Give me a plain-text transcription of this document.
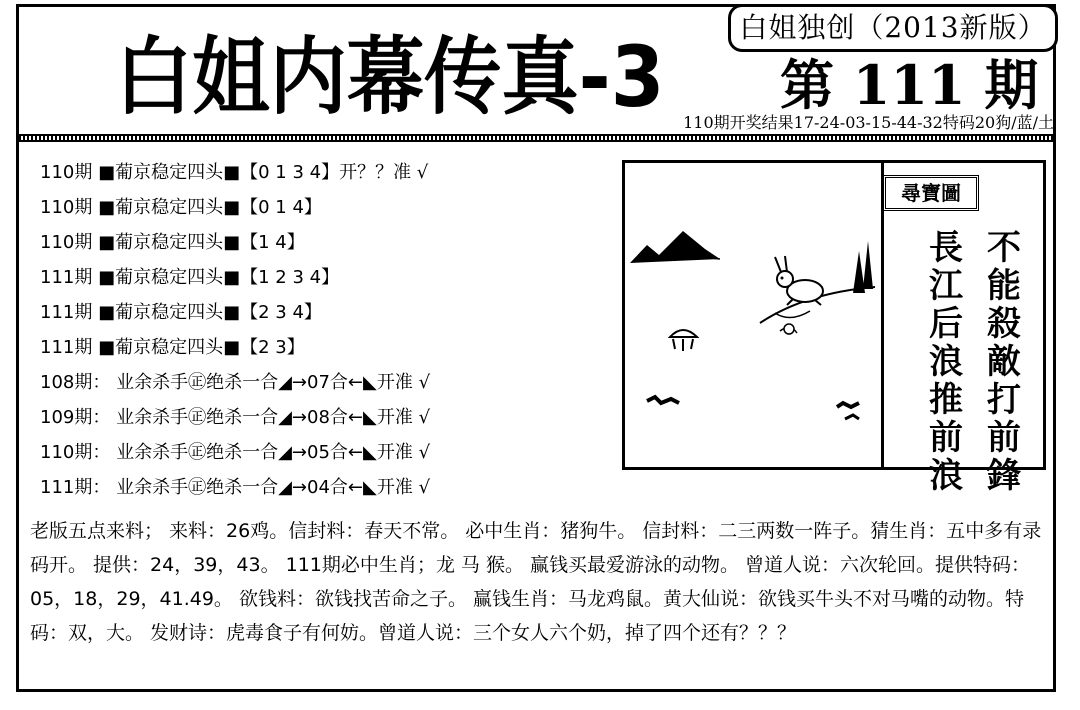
白姐独创（2013新版）
白姐内幕传真-3 第 111 期
110期开奖结果17-24-03-15-44-32特码20狗/蓝/土
110期 ■葡京稳定四头■【0 1 3 4】开？？准 √
110期 ■葡京稳定四头■【0 1 4】
110期 ■葡京稳定四头■【1 4】
111期 ■葡京稳定四头■【1 2 3 4】
111期 ■葡京稳定四头■【2 3 4】
111期 ■葡京稳定四头■【2 3】
108期： 业余杀手㊣绝杀一合◢→07合←◣开准 √
109期： 业余杀手㊣绝杀一合◢→08合←◣开准 √
110期： 业余杀手㊣绝杀一合◢→05合←◣开准 √
111期： 业余杀手㊣绝杀一合◢→04合←◣开准 √
尋寶圖
長江后浪推前浪
不能殺敵打前鋒
老版五点来料； 来料：26鸡。信封料：春天不常。 必中生肖：猪狗牛。 信封料：二三两数一阵子。猜生肖：五中多有录码开。 提供：24，39，43。 111期必中生肖；龙 马 猴。 赢钱买最爱游泳的动物。 曾道人说：六次轮回。提供特码：05，18，29，41.49。 欲钱料：欲钱找苦命之子。 赢钱生肖：马龙鸡鼠。黄大仙说：欲钱买牛头不对马嘴的动物。特码：双，大。 发财诗：虎毒食子有何妨。曾道人说：三个女人六个奶，掉了四个还有？？？
